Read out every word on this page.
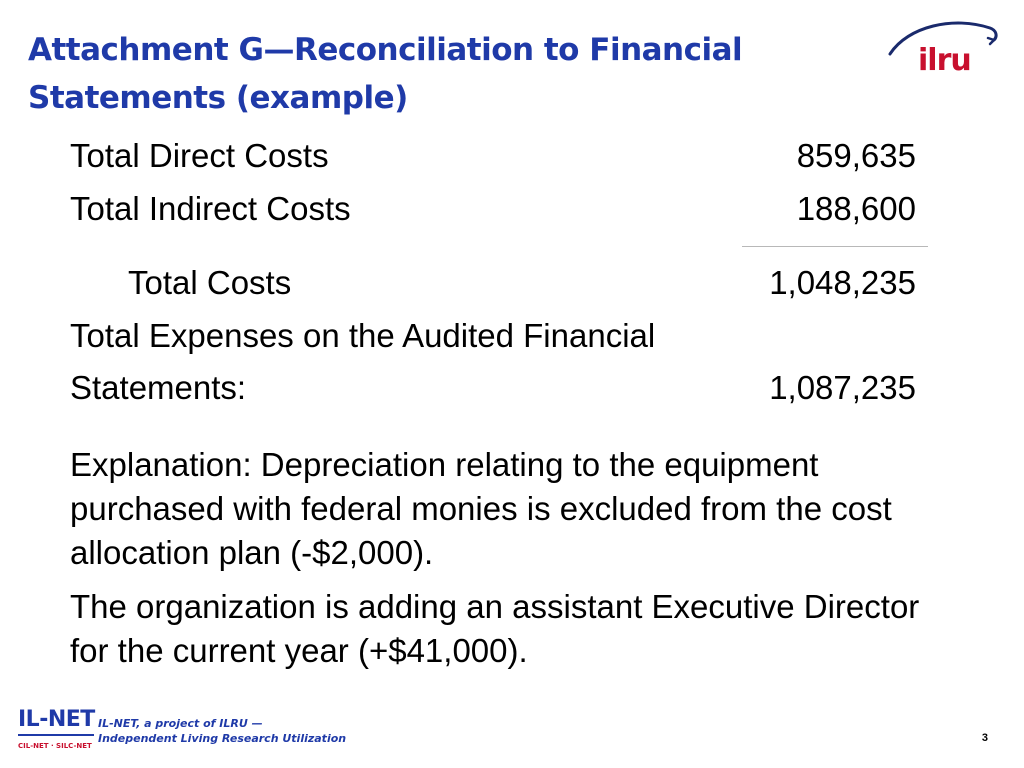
Attachment G—Reconciliation to Financial
Statements (example)
ilru
Total Direct Costs	859,635
Total Indirect Costs	188,600
Total Costs	1,048,235
Total Expenses on the Audited Financial
Statements:	1,087,235

Explanation: Depreciation relating to the equipment purchased with federal monies is excluded from the cost allocation plan (-$2,000).

The organization is adding an assistant Executive Director for the current year (+$41,000).

IL-NET
CIL-NET · SILC-NET
IL-NET, a project of ILRU —
Independent Living Research Utilization	3
